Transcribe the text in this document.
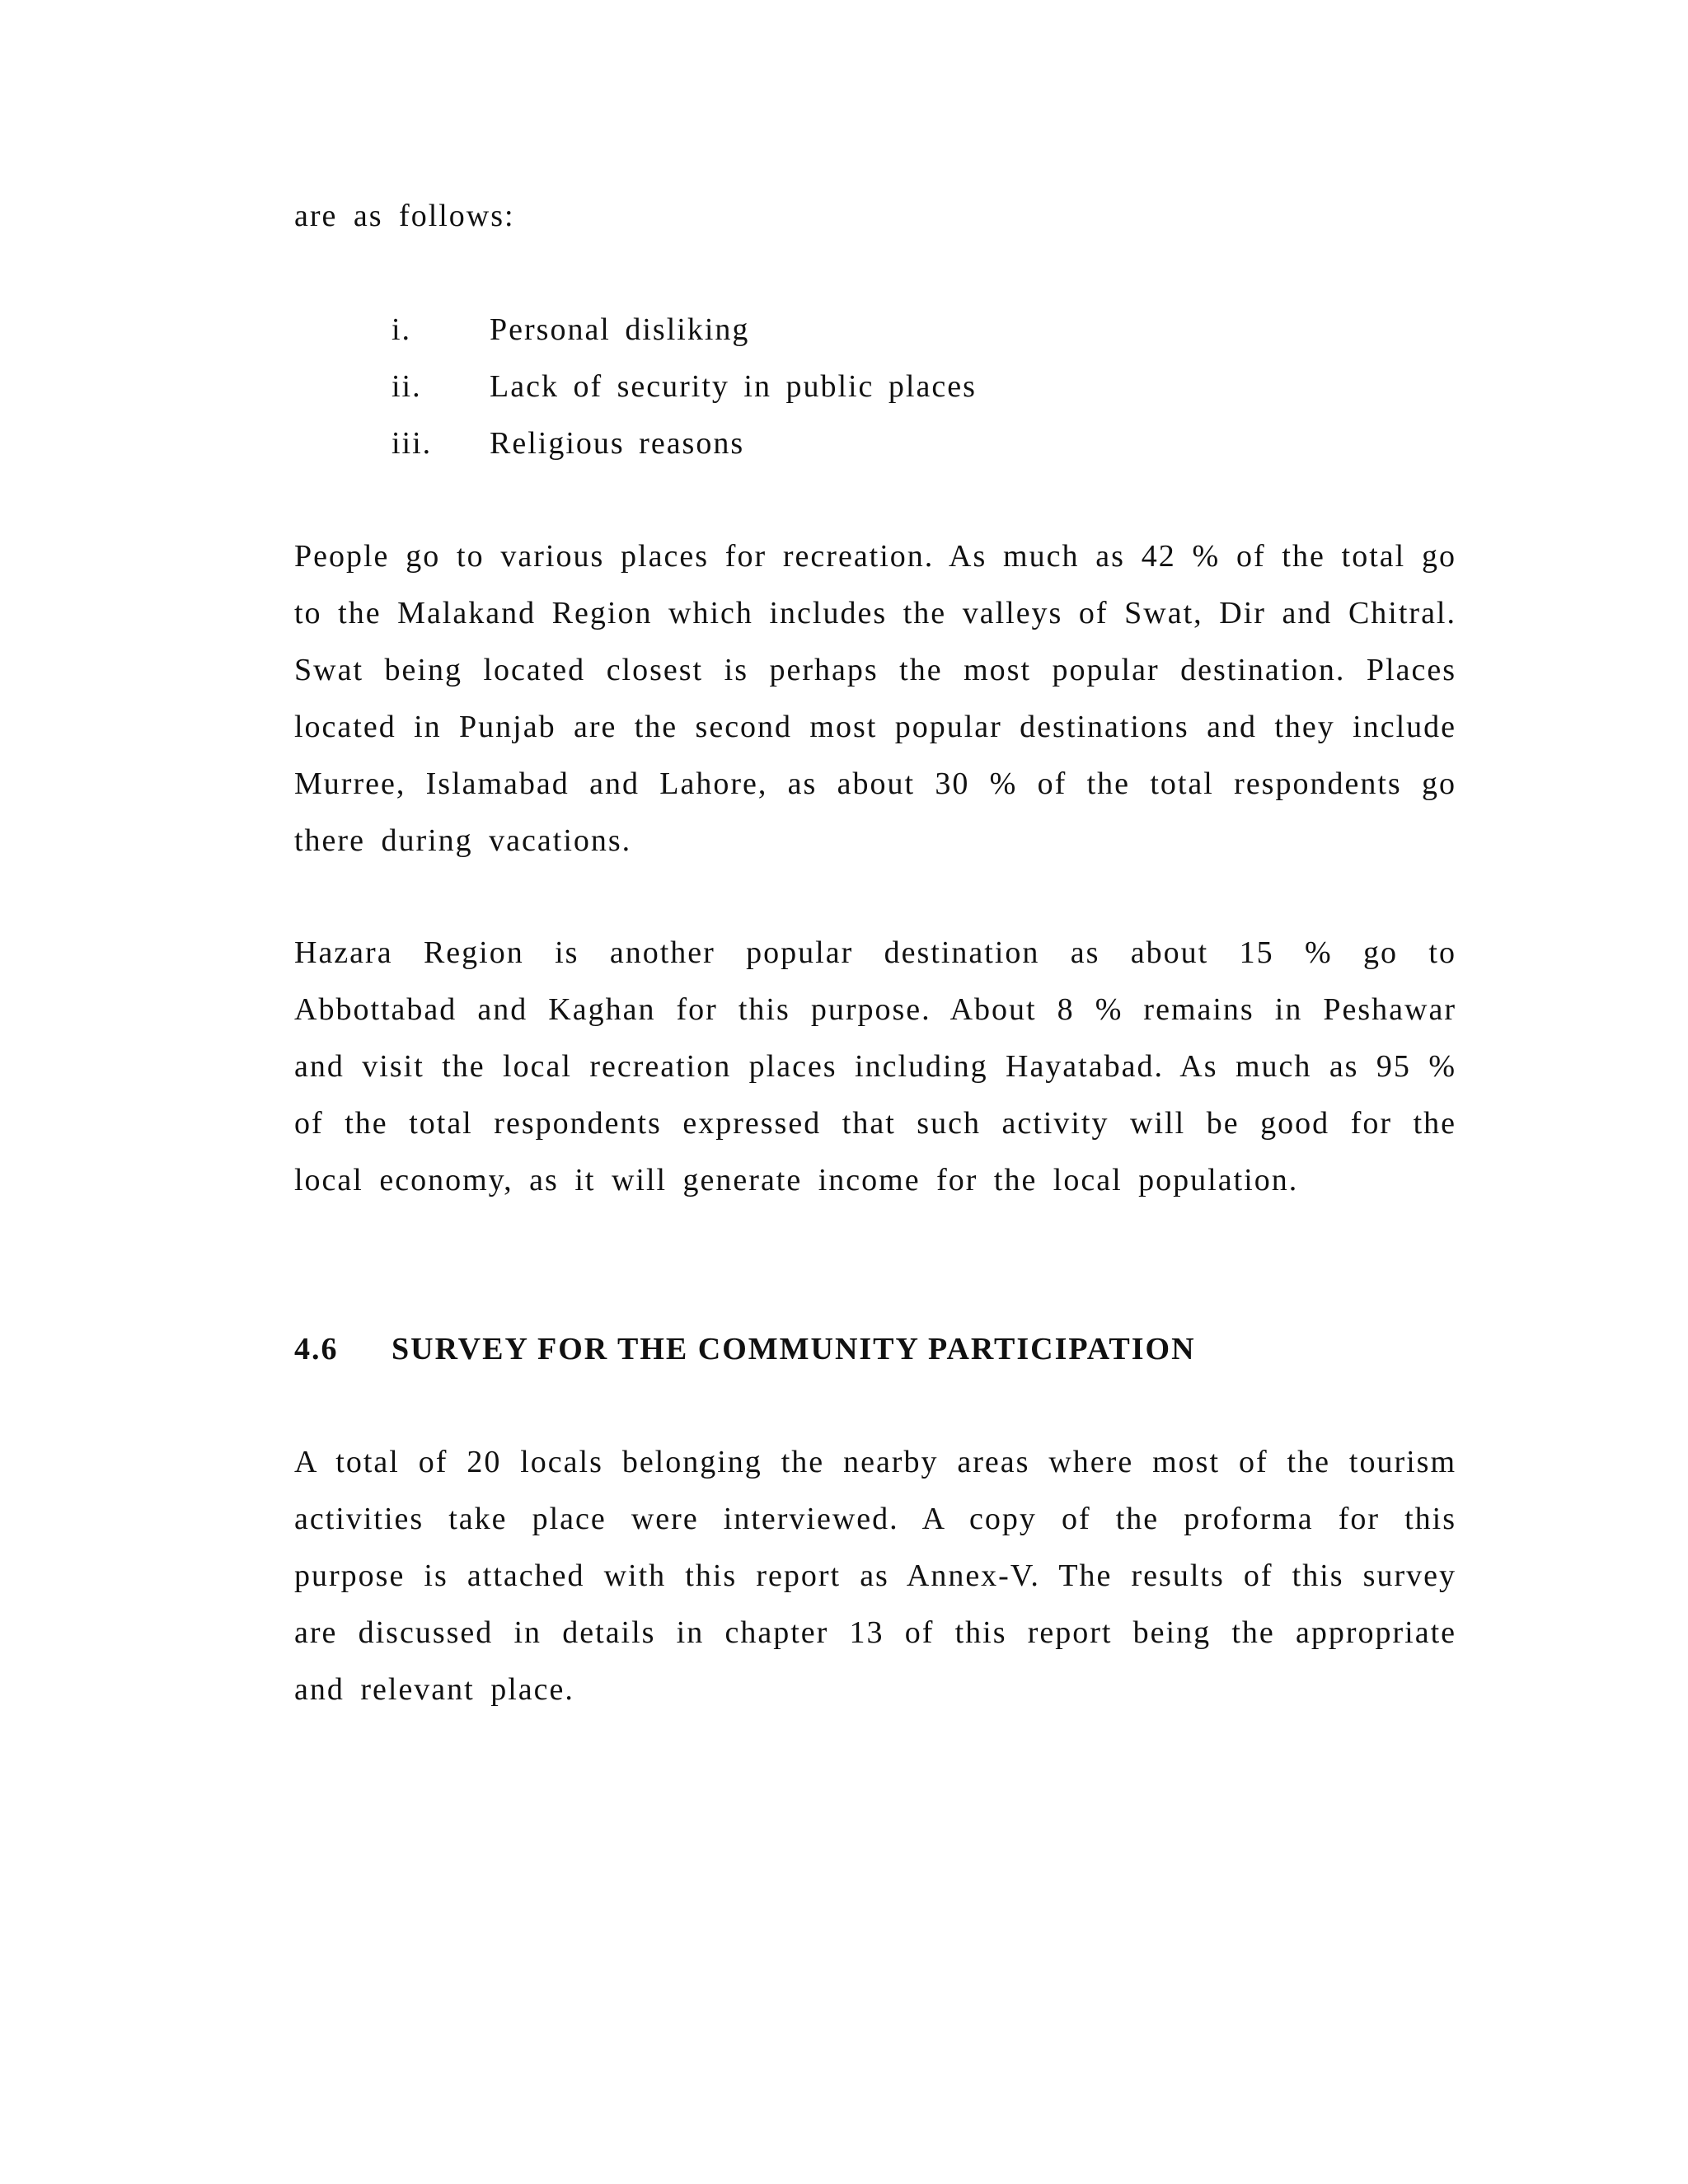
are as follows:

i. Personal disliking
ii. Lack of security in public places
iii. Religious reasons

People go to various places for recreation. As much as 42 % of the total go to the Malakand Region which includes the valleys of Swat, Dir and Chitral. Swat being located closest is perhaps the most popular destination. Places located in Punjab are the second most popular destinations and they include Murree, Islamabad and Lahore, as about 30 % of the total respondents go there during vacations.

Hazara Region is another popular destination as about 15 % go to Abbottabad and Kaghan for this purpose. About 8 % remains in Peshawar and visit the local recreation places including Hayatabad. As much as 95 % of the total respondents expressed that such activity will be good for the local economy, as it will generate income for the local population.

4.6 SURVEY FOR THE COMMUNITY PARTICIPATION

A total of 20 locals belonging the nearby areas where most of the tourism activities take place were interviewed. A copy of the proforma for this purpose is attached with this report as Annex-V. The results of this survey are discussed in details in chapter 13 of this report being the appropriate and relevant place.
